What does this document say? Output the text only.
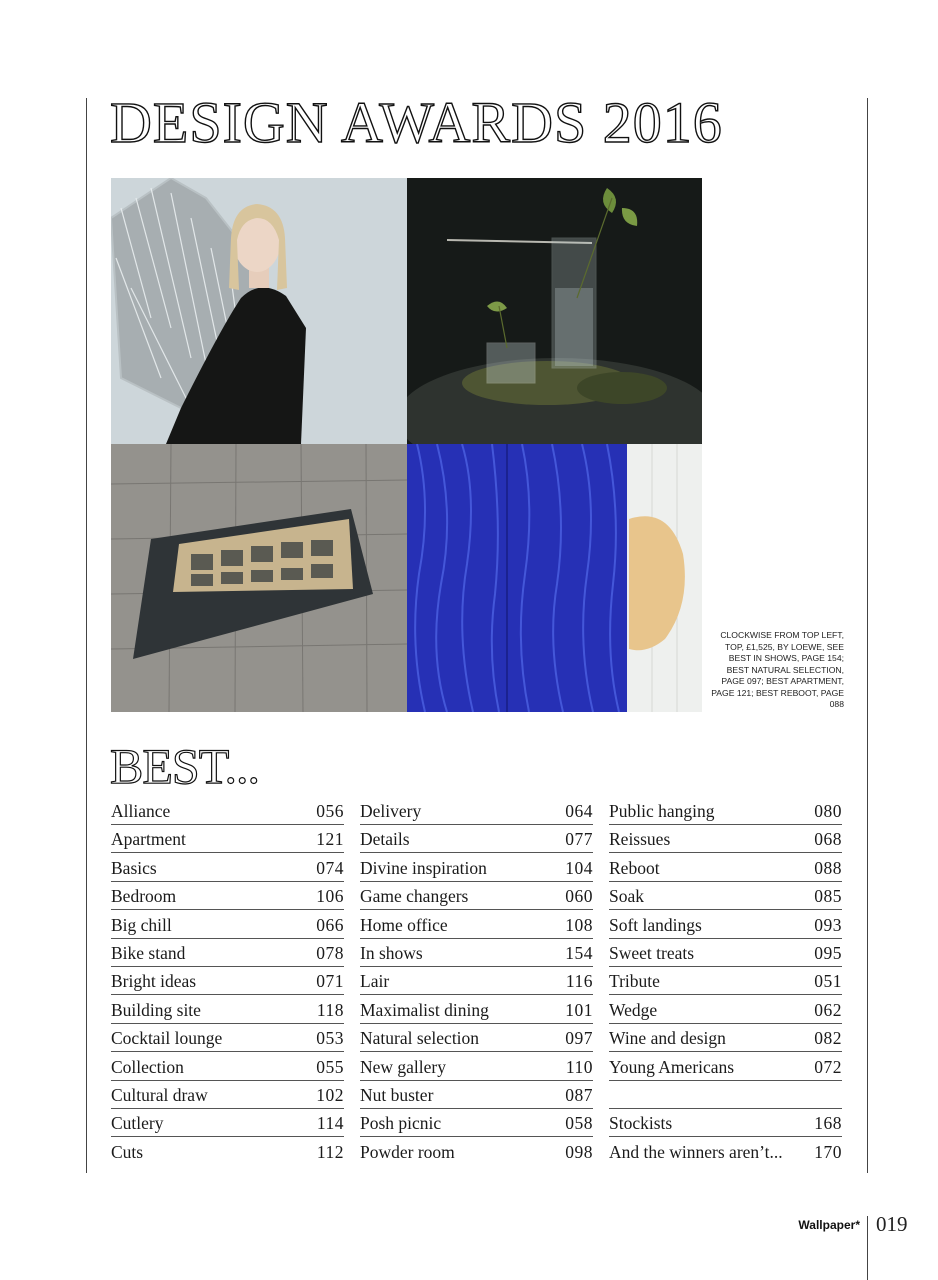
DESIGN AWARDS 2016

CLOCKWISE FROM TOP LEFT, TOP, £1,525, BY LOEWE, SEE BEST IN SHOWS, PAGE 154; BEST NATURAL SELECTION, PAGE 097; BEST APARTMENT, PAGE 121; BEST REBOOT, PAGE 088

BEST...
Alliance	056
Apartment	121
Basics	074
Bedroom	106
Big chill	066
Bike stand	078
Bright ideas	071
Building site	118
Cocktail lounge	053
Collection	055
Cultural draw	102
Cutlery	114
Cuts	112
Delivery	064
Details	077
Divine inspiration	104
Game changers	060
Home office	108
In shows	154
Lair	116
Maximalist dining	101
Natural selection	097
New gallery	110
Nut buster	087
Posh picnic	058
Powder room	098
Public hanging	080
Reissues	068
Reboot	088
Soak	085
Soft landings	093
Sweet treats	095
Tribute	051
Wedge	062
Wine and design	082
Young Americans	072
Stockists	168
And the winners aren’t... 170
Wallpaper* 019
